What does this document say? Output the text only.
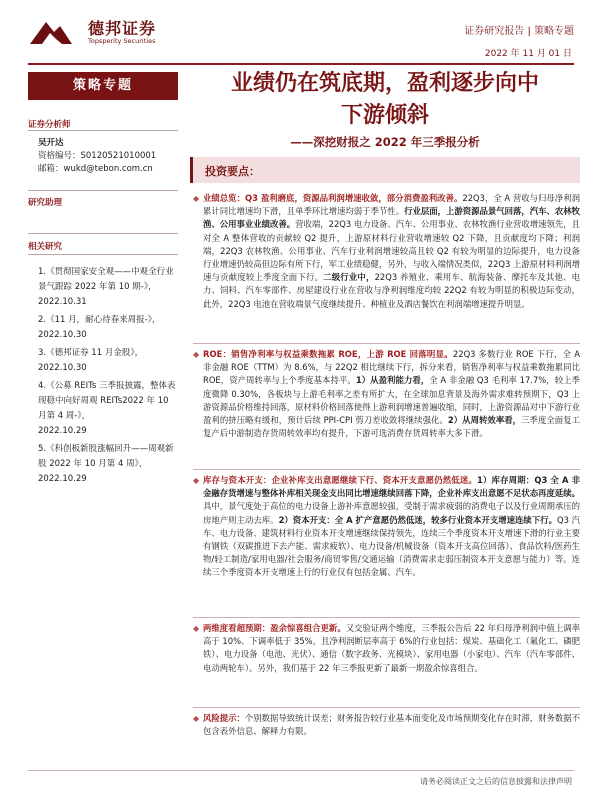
德邦证券
Topsperity Securities
证券研究报告 | 策略专题
2022 年 11 月 01 日
策略专题
证券分析师
吴开达
资格编号：S0120521010001
邮箱：wukd@tebon.com.cn
研究助理
相关研究
1.《贯彻国家安全观——中观全行业景气跟踪 2022 年第 10 期-》，
2022.10.31
2.《11 月，耐心待春来周报-》，
2022.10.30
3.《德邦证券 11 月金股》，
2022.10.30
4.《公募 REITs 三季报披露，整体表现稳中向好周观 REITs2022 年 10 月第 4 周-》，
2022.10.29
5.《科创板新股涨幅回升——周观新股 2022 年 10 月第 4 周》，
2022.10.29
业绩仍在筑底期，盈利逐步向中
下游倾斜
——深挖财报之 2022 年三季报分析
投资要点：
◆ 业绩总览：Q3 盈利磨底，资源品利润增速收敛，部分消费盈利改善。22Q3，全 A 营收与归母净利润累计同比增速均下滑，且单季环比增速均弱于季节性。行业层面，上游资源品景气回落，汽车、农林牧渔、公用事业业绩改善。营收端，22Q3 电力设备、汽车、公用事业、农林牧渔行业营收增速领先，且对全 A 整体营收的贡献较 Q2 提升，上游原材料行业营收增速较 Q2 下降，且贡献度均下降；利润端，22Q3 农林牧渔、公用事业、汽车行业利润增速较高且较 Q2 有较为明显的边际提升，电力设备行业增速仍较高但边际有所下行，军工业绩稳健，另外，与收入端情况类似，22Q3 上游原材料利润增速与贡献度较上季度全面下行。二级行业中，22Q3 养殖业、乘用车、航海装备、摩托车及其他、电力、饲料、汽车零部件、房屋建设行业在营收与净利润维度均较 22Q2 有较为明显的积极边际变动，此外，22Q3 电池在营收端景气度继续提升、种植业及酒店餐饮在利润端增速提升明显。

◆ ROE：销售净利率与权益乘数拖累 ROE，上游 ROE 回落明显。22Q3 多数行业 ROE 下行，全 A 非金融 ROE（TTM）为 8.6%，与 22Q2 相比继续下行，拆分来看，销售净利率与权益乘数拖累同比 ROE，资产周转率与上个季度基本持平。1）从盈利能力看，全 A 非金融 Q3 毛利率 17.7%，较上季度微降 0.30%，各板块与上游毛利率之差有所扩大，在全球加息背景及海外需求难转预期下，Q3 上游资源品价格维持回落，原材料价格回落使得上游利润增速普遍收缩，同时，上游资源品对中下游行业盈利的挤压略有缓和，预计后续 PPI-CPI 剪刀差收敛将继续强化。2）从周转效率看，三季度全面复工复产后中游制造存货周转效率均有提升，下游可选消费存货周转率大多下滑。

◆ 库存与资本开支：企业补库支出意愿继续下行、资本开支意愿仍然低迷。1）库存周期：Q3 全 A 非金融存货增速与整体补库相关现金支出同比增速继续回落下降，企业补库支出意愿不足状态再度延续。具中，景气度处于高位的电力设备上游补库意愿较强，受制于需求疲弱的消费电子以及行业周期承压的房地产则主动去库。2）资本开支：全 A 扩产意愿仍然低迷，较多行业资本开支增速连续下行。Q3 汽车、电力设备、建筑材料行业资本开支增速继续保持领先，连续三个季度资本开支增速下滑的行业主要有钢铁（双碳推进下去产能、需求疲软）、电力设备/机械设备（资本开支高位回落）、食品饮料/医药生物/轻工制造/家用电器/社会服务/商贸零售/交通运输（消费需求走弱压制资本开支意愿与能力）等。连续三个季度资本开支增速上行的行业仅有包括金属、汽车。

◆ 两维度看超预期：盈余惊喜组合更新。又交验证两个维度，三季报公告后 22 年归母净利润中值上调率高于 10%、下调率低于 35%，且净利润断层率高于 6%的行业包括：煤炭、基础化工（氟化工、磷肥铁）、电力设备（电池、光伏）、通信（数字政务、光模块）、家用电器（小家电）、汽车（汽车零部件、电动两轮车）。另外，我们基于 22 年三季报更新了最新一期盈余惊喜组合。

◆ 风险提示：个别数据导致统计误差；财务报告较行业基本面变化及市场预期变化存在时滞，财务数据不包含表外信息、解释力有限。

请务必阅读正文之后的信息披露和法律声明
